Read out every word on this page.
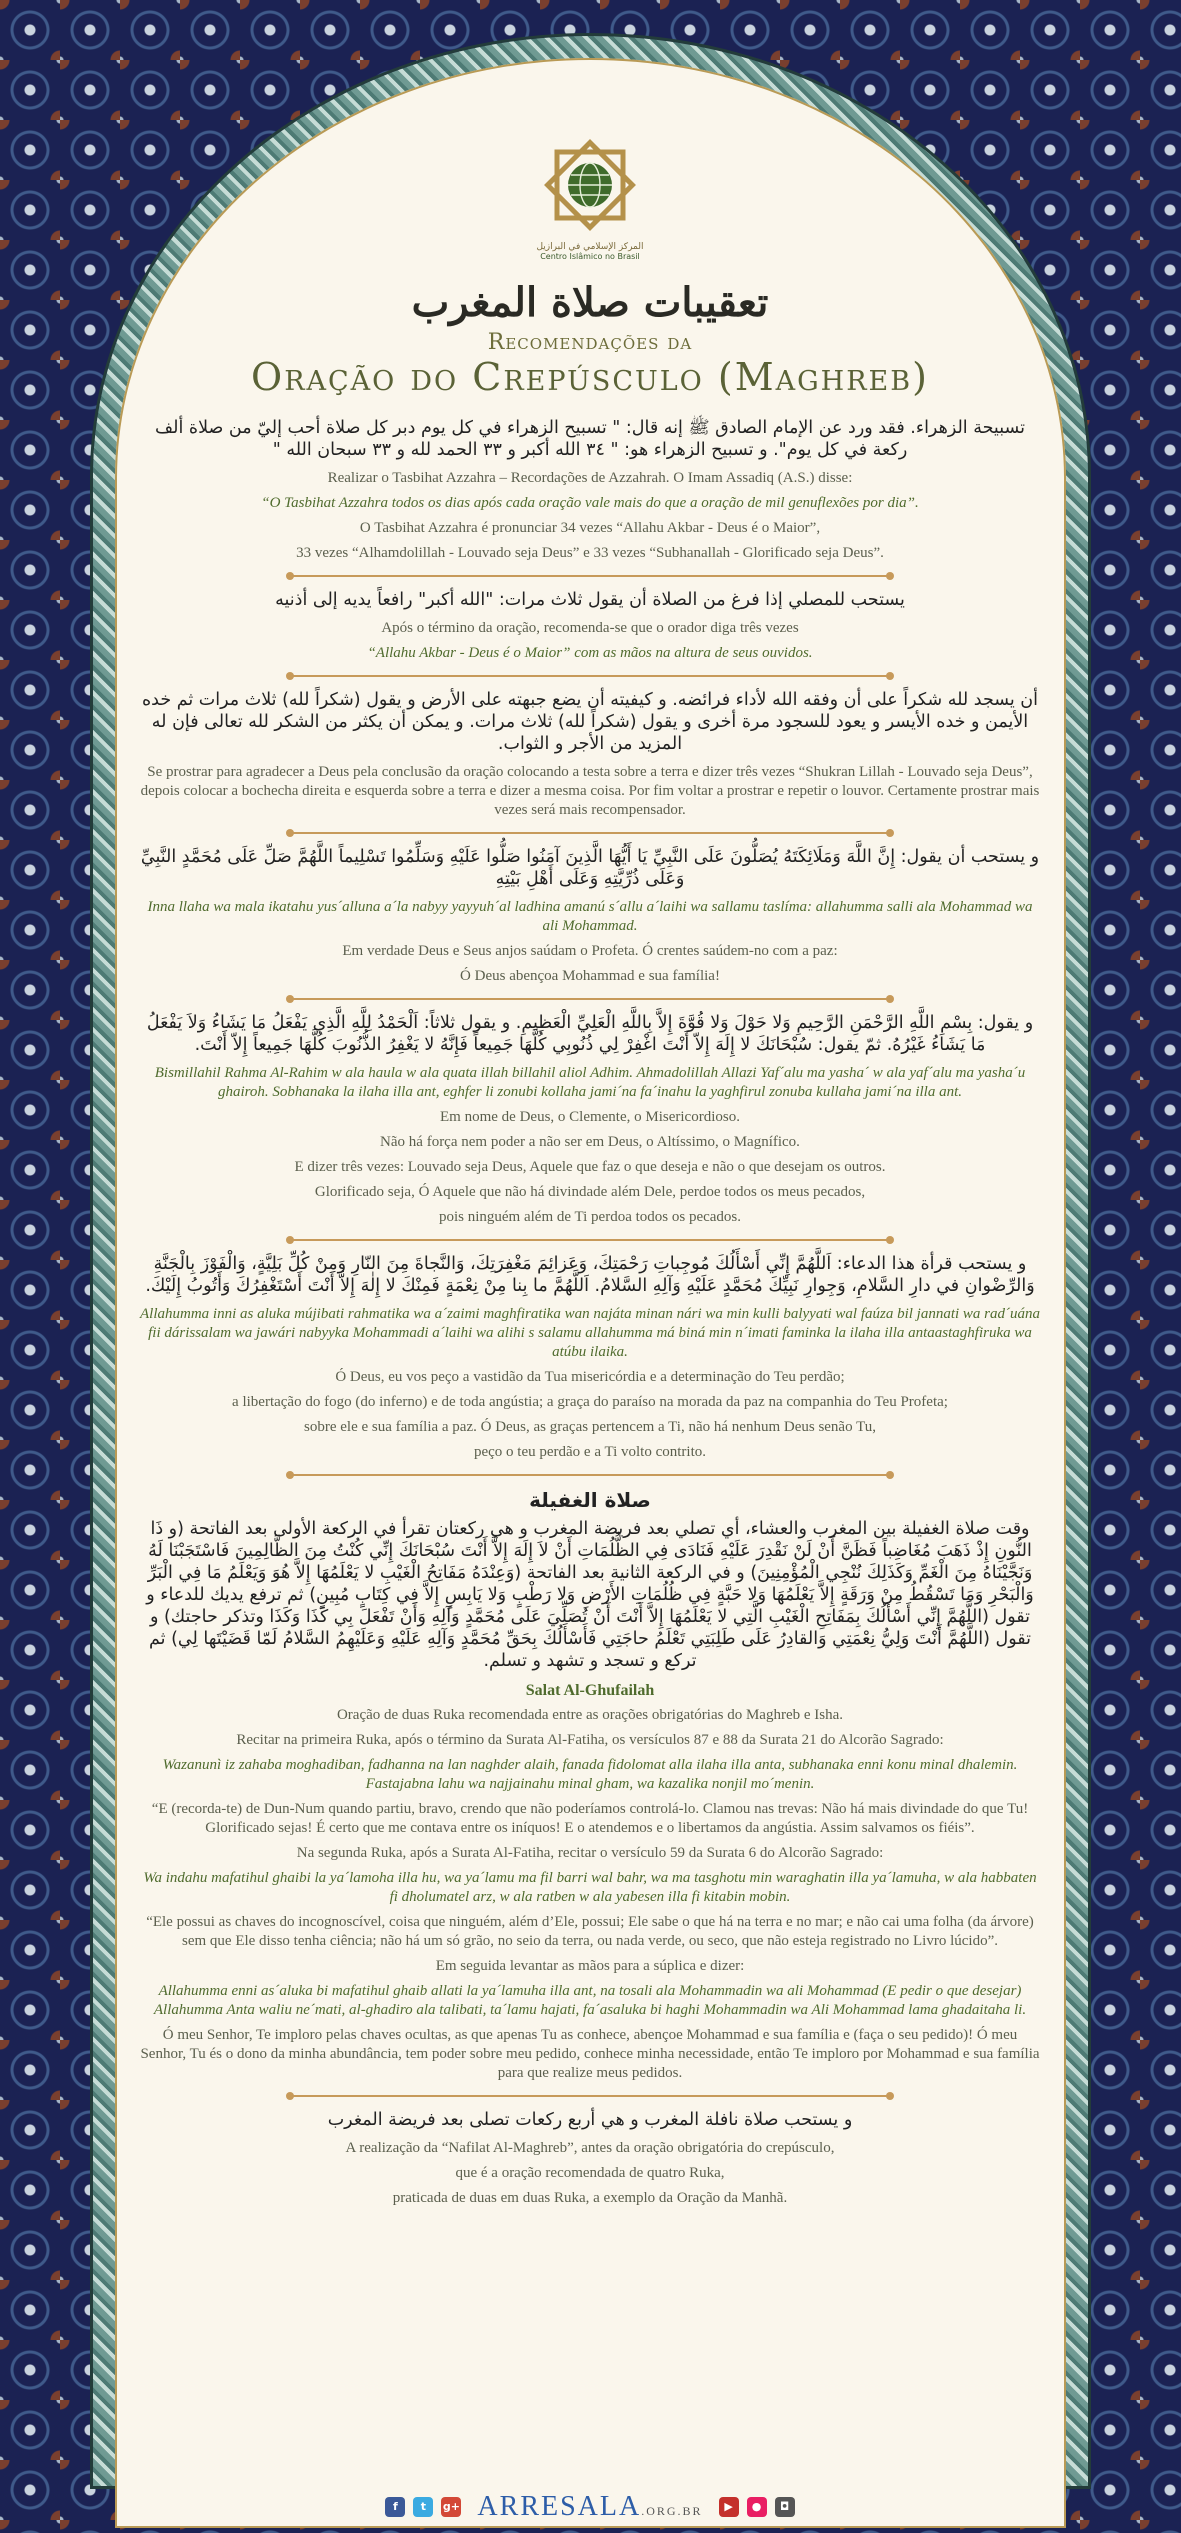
المركز الإسلامي في البرازيل
Centro Islâmico no Brasil
تعقيبات صلاة المغرب
Recomendações da
Oração do Crepúsculo (Maghreb)
تسبيحة الزهراء. فقد ورد عن الإمام الصادق ﷺ إنه قال: " تسبيح الزهراء في كل يوم دبر كل صلاة أحب إليّ من صلاة ألف ركعة في كل يوم". و تسبيح الزهراء هو: " ٣٤ الله أكبر و ٣٣ الحمد لله و ٣٣ سبحان الله "
Realizar o Tasbihat Azzahra – Recordações de Azzahrah. O Imam Assadiq (A.S.) disse:
“O Tasbihat Azzahra todos os dias após cada oração vale mais do que a oração de mil genuflexões por dia”.
O Tasbihat Azzahra é pronunciar 34 vezes “Allahu Akbar - Deus é o Maior”,
33 vezes “Alhamdolillah - Louvado seja Deus” e 33 vezes “Subhanallah - Glorificado seja Deus”.
يستحب للمصلي إذا فرغ من الصلاة أن يقول ثلاث مرات: "الله أكبر" رافعاً يديه إلى أذنيه
Após o término da oração, recomenda-se que o orador diga três vezes
“Allahu Akbar - Deus é o Maior” com as mãos na altura de seus ouvidos.
أن يسجد لله شكراً على أن وفقه الله لأداء فرائضه. و كيفيته أن يضع جبهته على الأرض و يقول (شكراً لله) ثلاث مرات ثم خده الأيمن و خده الأيسر و يعود للسجود مرة أخرى و يقول (شكراً لله) ثلاث مرات. و يمكن أن يكثر من الشكر لله تعالى فإن له المزيد من الأجر و الثواب.
Se prostrar para agradecer a Deus pela conclusão da oração colocando a testa sobre a terra e dizer três vezes “Shukran Lillah - Louvado seja Deus”, depois colocar a bochecha direita e esquerda sobre a terra e dizer a mesma coisa. Por fim voltar a prostrar e repetir o louvor. Certamente prostrar mais vezes será mais recompensador.
و يستحب أن يقول: إِنَّ اللَّهَ وَمَلَائِكَتَهُ يُصَلُّونَ عَلَى النَّبِيِّ يَا أَيُّهَا الَّذِينَ آمَنُوا صَلُّوا عَلَيْهِ وَسَلِّمُوا تَسْلِيماً اللَّهُمَّ صَلِّ عَلَى مُحَمَّدٍ النَّبِيِّ وَعَلَى ذُرِّيَّتِهِ وَعَلَى أَهْلِ بَيْتِهِ
Inna llaha wa mala ikatahu yus´alluna a´la nabyy yayyuh´al ladhina amanú s´allu a´laihi wa sallamu taslíma: allahumma salli ala Mohammad wa ali Mohammad.
Em verdade Deus e Seus anjos saúdam o Profeta. Ó crentes saúdem-no com a paz:
Ó Deus abençoa Mohammad e sua família!
و يقول: بِسْمِ اللَّهِ الرَّحْمَنِ الرَّحِيمِ وَلا حَوْلَ وَلا قُوَّةَ إِلاَّ بِاللَّهِ الْعَلِيِّ الْعَظِيمِ. و يقول ثلاثاً: اَلْحَمْدُ لِلَّهِ الَّذِي يَفْعَلُ مَا يَشَاءُ وَلاَ يَفْعَلُ مَا يَشَاءُ غَيْرُهُ. ثمّ يقول: سُبْحَانَكَ لا إِلَهَ إِلاّ أَنْتَ اغْفِرْ لِي ذُنُوبِي كُلَّهَا جَمِيعاً فَإِنَّهُ لا يَغْفِرُ الذُّنُوبَ كُلَّهَا جَمِيعاً إِلاّ أَنْتَ.
Bismillahil Rahma Al-Rahim w ala haula w ala quata illah billahil aliol Adhim. Ahmadolillah Allazi Yaf´alu ma yasha´ w ala yaf´alu ma yasha´u ghairoh. Sobhanaka la ilaha illa ant, eghfer li zonubi kollaha jami´na fa´inahu la yaghfirul zonuba kullaha jami´na illa ant.
Em nome de Deus, o Clemente, o Misericordioso.
Não há força nem poder a não ser em Deus, o Altíssimo, o Magnífico.
E dizer três vezes: Louvado seja Deus, Aquele que faz o que deseja e não o que desejam os outros.
Glorificado seja, Ó Aquele que não há divindade além Dele, perdoe todos os meus pecados,
pois ninguém além de Ti perdoa todos os pecados.
و يستحب قرأة هذا الدعاء: اَللَّهُمَّ إِنِّي أَسْأَلُكَ مُوجِباتِ رَحْمَتِكَ، وَعَزائِمَ مَغْفِرَتِكَ، وَالنَّجاةَ مِنَ النّارِ وَمِنْ كُلِّ بَلِيَّةٍ، وَالْفَوْزَ بِالْجَنَّةِ وَالرِّضْوانِ في دارِ السَّلامِ، وَجِوارِ نَبِيِّكَ مُحَمَّدٍ عَلَيْهِ وَآلِهِ السَّلامُ. اَللَّهُمَّ ما بِنا مِنْ نِعْمَةٍ فَمِنْكَ لا إِلٰهَ إِلاَّ أَنْتَ أَسْتَغْفِرُكَ وَأَتُوبُ إِلَيْكَ.
Allahumma inni as aluka mújibati rahmatika wa a´zaimi maghfiratika wan najáta minan nári wa min kulli balyyati wal faúza bil jannati wa rad´uána fii dárissalam wa jawári nabyyka Mohammadi a´laihi wa alihi s salamu allahumma má biná min n´imati faminka la ilaha illa antaastaghfiruka wa atúbu ilaika.
Ó Deus, eu vos peço a vastidão da Tua misericórdia e a determinação do Teu perdão;
a libertação do fogo (do inferno) e de toda angústia; a graça do paraíso na morada da paz na companhia do Teu Profeta;
sobre ele e sua família a paz. Ó Deus, as graças pertencem a Ti, não há nenhum Deus senão Tu,
peço o teu perdão e a Ti volto contrito.
صلاة الغفيلة
وقت صلاة الغفيلة بين المغرب والعشاء، أي تصلي بعد فريضة المغرب و هي ركعتان تقرأ في الركعة الأولى بعد الفاتحة (و ذَا النُّونِ إِذْ ذَهَبَ مُغَاضِباً فَظَنَّ أَنْ لَنْ نَقْدِرَ عَلَيْهِ فَنَادَى فِي الظُّلُمَاتِ أَنْ لاَ إِلَهَ إِلاَّ أَنْتَ سُبْحَانَكَ إِنِّي كُنْتُ مِنَ الظَّالِمِينَ فَاسْتَجَبْنَا لَهُ وَنَجَّيْنَاهُ مِنَ الْغَمِّ وَكَذَلِكَ نُنْجِي الْمُؤْمِنِينَ) و في الركعة الثانية بعد الفاتحة (وَعِنْدَهُ مَفَاتِحُ الْغَيْبِ لا يَعْلَمُهَا إِلاَّ هُوَ وَيَعْلَمُ مَا فِي الْبَرِّ وَالْبَحْرِ وَمَا تَسْقُطُ مِنْ وَرَقَةٍ إِلاَّ يَعْلَمُهَا وَلا حَبَّةٍ فِي ظُلُمَاتِ الأَرْضِ وَلا رَطْبٍ وَلا يَابِسٍ إِلاَّ فِي كِتَابٍ مُبِينٍ) ثم ترفع يديك للدعاء و تقول (اللَّهُمَّ إِنِّي أَسْأَلُكَ بِمَفَاتِحِ الْغَيْبِ الَّتِي لا يَعْلَمُهَا إِلاَّ أَنْتَ أَنْ تُصَلِّيَ عَلَى مُحَمَّدٍ وَآلِهِ وَأَنْ تَفْعَلَ بِي كَذَا وَكَذَا وتذكر حاجتك) و تقول (اللَّهُمَّ أَنْتَ وَلِيُّ نِعْمَتِي وَالقادِرُ عَلَى طَلِبَتِي تَعْلَمُ حاجَتِي فَأَسْأَلُكَ بِحَقِّ مُحَمَّدٍ وَآلِهِ عَلَيْهِ وَعَلَيْهِمُ السَّلامُ لَمّا قَضَيْتَها لِي) ثم تركع و تسجد و تشهد و تسلم.
Salat Al-Ghufailah
Oração de duas Ruka recomendada entre as orações obrigatórias do Maghreb e Isha.
Recitar na primeira Ruka, após o término da Surata Al-Fatiha, os versículos 87 e 88 da Surata 21 do Alcorão Sagrado:
Wazanunì iz zahaba moghadiban, fadhanna na lan naghder alaih, fanada fidolomat alla ilaha illa anta, subhanaka enni konu minal dhalemin. Fastajabna lahu wa najjainahu minal gham, wa kazalika nonjil mo´menin.
“E (recorda-te) de Dun-Num quando partiu, bravo, crendo que não poderíamos controlá-lo. Clamou nas trevas: Não há mais divindade do que Tu! Glorificado sejas! É certo que me contava entre os iníquos! E o atendemos e o libertamos da angústia. Assim salvamos os fiéis”.
Na segunda Ruka, após a Surata Al-Fatiha, recitar o versículo 59 da Surata 6 do Alcorão Sagrado:
Wa indahu mafatihul ghaibi la ya´lamoha illa hu, wa ya´lamu ma fil barri wal bahr, wa ma tasghotu min waraghatin illa ya´lamuha, w ala habbaten fi dholumatel arz, w ala ratben w ala yabesen illa fi kitabin mobin.
“Ele possui as chaves do incognoscível, coisa que ninguém, além d’Ele, possui; Ele sabe o que há na terra e no mar; e não cai uma folha (da árvore) sem que Ele disso tenha ciência; não há um só grão, no seio da terra, ou nada verde, ou seco, que não esteja registrado no Livro lúcido”.
Em seguida levantar as mãos para a súplica e dizer:
Allahumma enni as´aluka bi mafatihul ghaib allati la ya´lamuha illa ant, na tosali ala Mohammadin wa ali Mohammad (E pedir o que desejar) Allahumma Anta waliu ne´mati, al-ghadiro ala talibati, ta´lamu hajati, fa´asaluka bi haghi Mohammadin wa Ali Mohammad lama ghadaitaha li.
Ó meu Senhor, Te imploro pelas chaves ocultas, as que apenas Tu as conhece, abençoe Mohammad e sua família e (faça o seu pedido)! Ó meu Senhor, Tu és o dono da minha abundância, tem poder sobre meu pedido, conhece minha necessidade, então Te imploro por Mohammad e sua família para que realize meus pedidos.
و يستحب صلاة نافلة المغرب و هي أربع ركعات تصلى بعد فريضة المغرب
A realização da “Nafilat Al-Maghreb”, antes da oração obrigatória do crepúsculo,
que é a oração recomendada de quatro Ruka,
praticada de duas em duas Ruka, a exemplo da Oração da Manhã.
f	t	g+ ARRESALA.ORG.BR	▶	●	◘
